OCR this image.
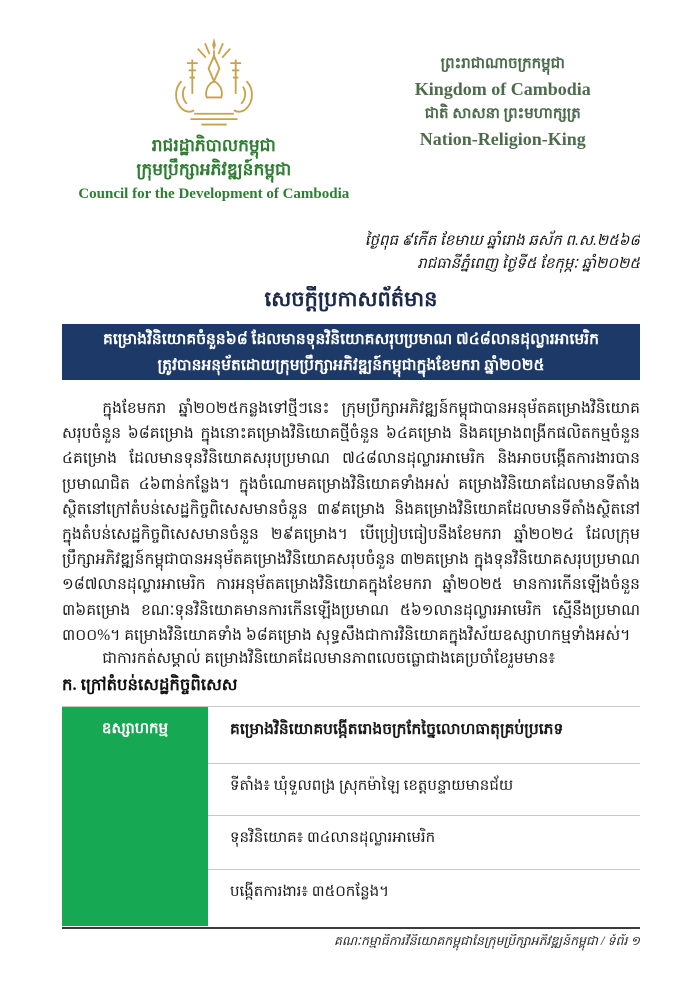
រាជរដ្ឋាភិបាលកម្ពុជា
ក្រុមប្រឹក្សាអភិវឌ្ឍន៍កម្ពុជា
Council for the Development of Cambodia
ព្រះរាជាណាចក្រកម្ពុជា
Kingdom of Cambodia
ជាតិ សាសនា ព្រះមហាក្សត្រ
Nation-Religion-King
ថ្ងៃពុធ ៩កើត ខែមាឃ ឆ្នាំរោង ឆស័ក ព.ស.២៥៦៨
រាជធានីភ្នំពេញ ថ្ងៃទី៥ ខែកុម្ភៈ ឆ្នាំ២០២៥
សេចក្តីប្រកាសព័ត៌មាន
គម្រោងវិនិយោគចំនួន៦៨ ដែលមានទុនវិនិយោគសរុបប្រមាណ ៧៤៨លានដុល្លារអាមេរិក
ត្រូវបានអនុម័តដោយក្រុមប្រឹក្សាអភិវឌ្ឍន៍កម្ពុជាក្នុងខែមករា ឆ្នាំ២០២៥
ក្នុងខែមករា ឆ្នាំ២០២៥កន្លងទៅថ្មីៗនេះ ក្រុមប្រឹក្សាអភិវឌ្ឍន៍កម្ពុជាបានអនុម័តគម្រោងវិនិយោគសរុបចំនួន ៦៨គម្រោង ក្នុងនោះគម្រោងវិនិយោគថ្មីចំនួន ៦៤គម្រោង និងគម្រោងពង្រីកផលិតកម្មចំនួន ៤គម្រោង ដែលមានទុនវិនិយោគសរុបប្រមាណ ៧៤៨លានដុល្លារអាមេរិក និងអាចបង្កើតការងារបានប្រមាណជិត ៤៦ពាន់កន្លែង។ ក្នុងចំណោមគម្រោងវិនិយោគទាំងអស់ គម្រោងវិនិយោគដែលមានទីតាំងស្ថិតនៅក្រៅតំបន់សេដ្ឋកិច្ចពិសេសមានចំនួន ៣៩គម្រោង និងគម្រោងវិនិយោគដែលមានទីតាំងស្ថិតនៅក្នុងតំបន់សេដ្ឋកិច្ចពិសេសមានចំនួន ២៩គម្រោង។ បើប្រៀបធៀបនឹងខែមករា ឆ្នាំ២០២៤ ដែលក្រុមប្រឹក្សាអភិវឌ្ឍន៍កម្ពុជាបានអនុម័តគម្រោងវិនិយោគសរុបចំនួន ៣២គម្រោង ក្នុងទុនវិនិយោគសរុបប្រមាណ ១៨៧លានដុល្លារអាមេរិក ការអនុម័តគម្រោងវិនិយោគក្នុងខែមករា ឆ្នាំ២០២៥ មានការកើនឡើងចំនួន ៣៦គម្រោង ខណៈទុនវិនិយោគមានការកើនឡើងប្រមាណ ៥៦១លានដុល្លារអាមេរិក ស្មើនឹងប្រមាណ ៣០០%។ គម្រោងវិនិយោគទាំង ៦៨គម្រោង សុទ្ធសឹងជាការវិនិយោគក្នុងវិស័យឧស្សាហកម្មទាំងអស់។
ជាការកត់សម្គាល់ គម្រោងវិនិយោគដែលមានភាពលេចធ្លោជាងគេប្រចាំខែរួមមាន៖
ក. ក្រៅតំបន់សេដ្ឋកិច្ចពិសេស
ឧស្សាហកម្ម	គម្រោងវិនិយោគបង្កើតរោងចក្រកែច្នៃលោហធាតុគ្រប់ប្រភេទ
ទីតាំង៖ ឃុំទួលពង្រ ស្រុកម៉ាឡៃ ខេត្តបន្ទាយមានជ័យ
ទុនវិនិយោគ៖ ៣៤លានដុល្លារអាមេរិក
បង្កើតការងារ៖ ៣៥០កន្លែង។
គណៈកម្មាធិការវិនិយោគកម្ពុជានៃក្រុមប្រឹក្សាអភិវឌ្ឍន៍កម្ពុជា / ទំព័រ ១
